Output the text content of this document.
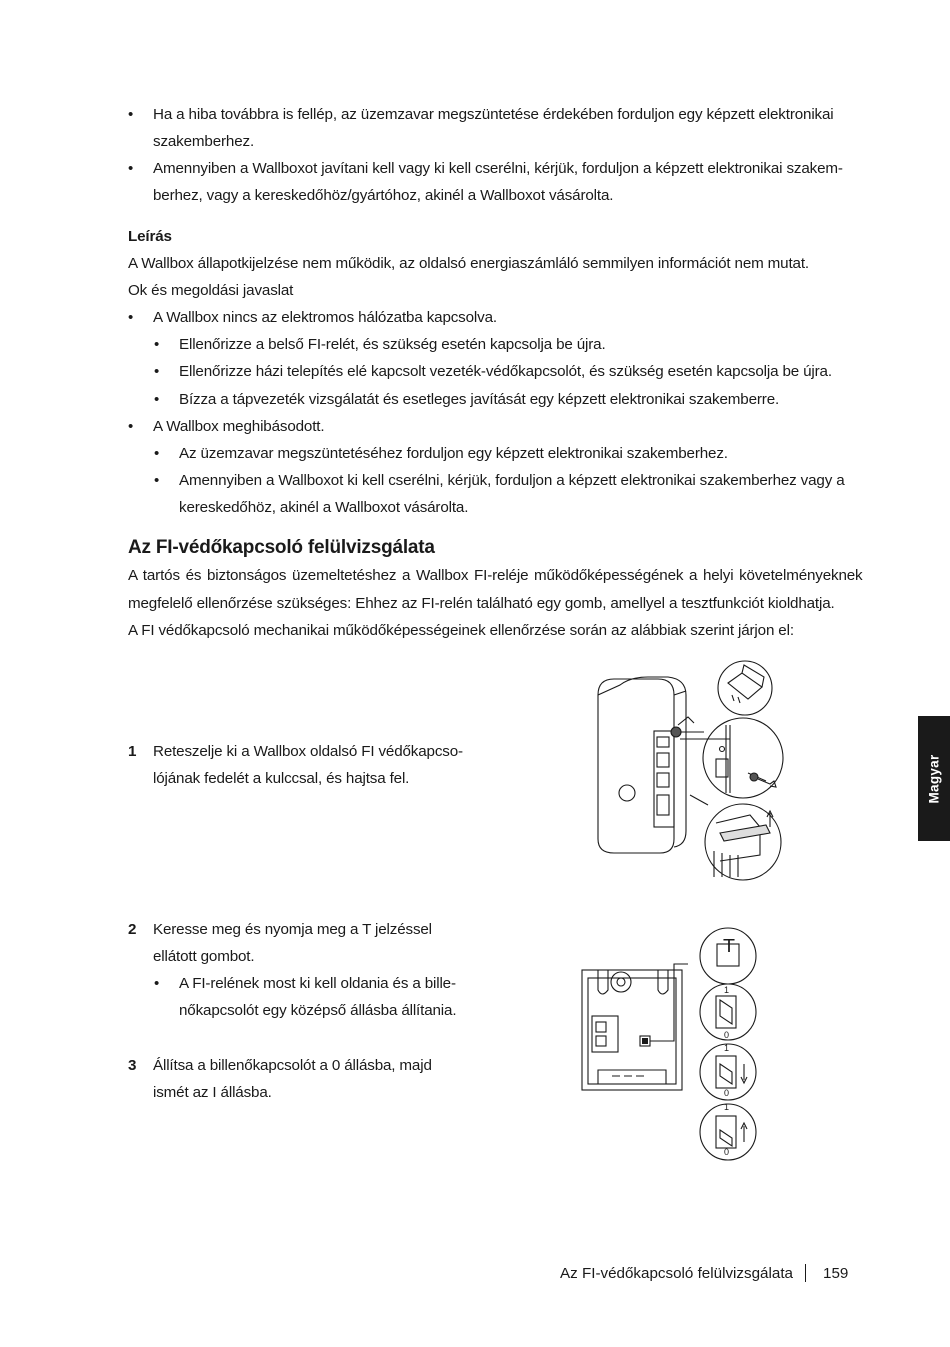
• Ha a hiba továbbra is fellép, az üzemzavar megszüntetése érdekében forduljon egy képzett elektronikai
szakemberhez.
• Amennyiben a Wallboxot javítani kell vagy ki kell cserélni, kérjük, forduljon a képzett elektronikai szakem-
berhez, vagy a kereskedőhöz/gyártóhoz, akinél a Wallboxot vásárolta.
Leírás
A Wallbox állapotkijelzése nem működik, az oldalsó energiaszámláló semmilyen információt nem mutat.
Ok és megoldási javaslat
• A Wallbox nincs az elektromos hálózatba kapcsolva.
• Ellenőrizze a belső FI-relét, és szükség esetén kapcsolja be újra.
• Ellenőrizze házi telepítés elé kapcsolt vezeték-védőkapcsolót, és szükség esetén kapcsolja be újra.
• Bízza a tápvezeték vizsgálatát és esetleges javítását egy képzett elektronikai szakemberre.
• A Wallbox meghibásodott.
• Az üzemzavar megszüntetéséhez forduljon egy képzett elektronikai szakemberhez.
• Amennyiben a Wallboxot ki kell cserélni, kérjük, forduljon a képzett elektronikai szakemberhez vagy a
kereskedőhöz, akinél a Wallboxot vásárolta.
Az FI-védőkapcsoló felülvizsgálata
A tartós és biztonságos üzemeltetéshez a Wallbox FI-reléje működőképességének a helyi követelményeknek
megfelelő ellenőrzése szükséges: Ehhez az FI-relén található egy gomb, amellyel a tesztfunkciót kioldhatja.
A FI védőkapcsoló mechanikai működőképességeinek ellenőrzése során az alábbiak szerint járjon el:
1 Reteszelje ki a Wallbox oldalsó FI védőkapcso-
lójának fedelét a kulccsal, és hajtsa fel.
2 Keresse meg és nyomja meg a T jelzéssel
ellátott gombot.
• A FI-relének most ki kell oldania és a bille-
nőkapcsolót egy középső állásba állítania.
3 Állítsa a billenőkapcsolót a 0 állásba, majd
ismét az I állásba.
T
1
0
1
0
1
0
Magyar
Az FI-védőkapcsoló felülvizsgálata 159
